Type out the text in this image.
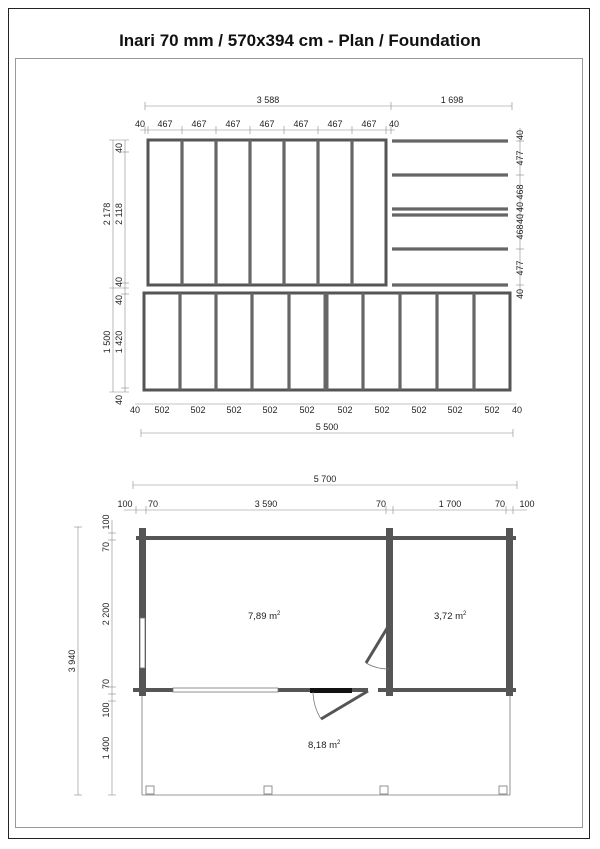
Inari 70 mm / 570x394 cm - Plan / Foundation
3 588	1 698
40 467 467 467 467 467 467 467 40
40
477
468
40
40
468
477
40
2 178 2 118
40
40
40
40
1 500 1 420
40 502 502 502 502 502	502 502 502 502 502 40
5 500
5 700
100 70	3 590	70	1 700	70 100
3 940
100
70
2 200
70
100
1 400
7,89 $m^2$	3,72 $m^2$
8,18 $m^2$
